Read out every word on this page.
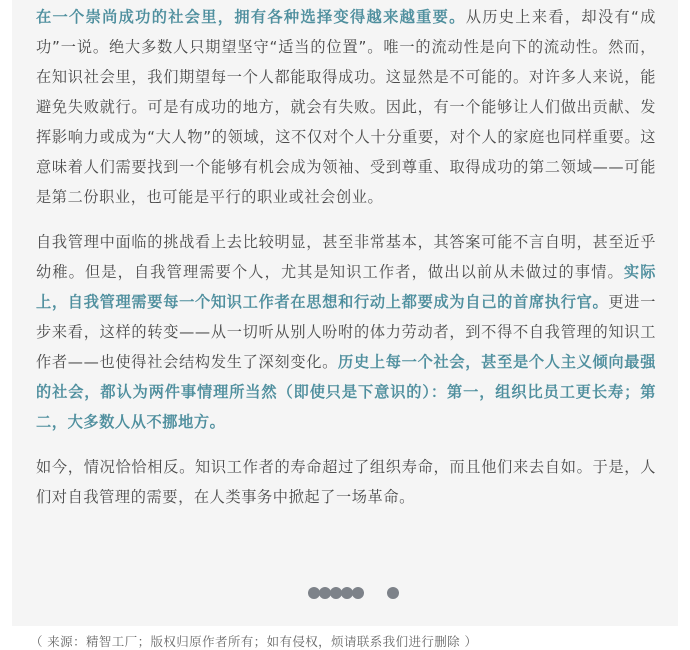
在一个崇尚成功的社会里，拥有各种选择变得越来越重要。从历史上来看，却没有“成功”一说。绝大多数人只期望坚守“适当的位置”。唯一的流动性是向下的流动性。然而，在知识社会里，我们期望每一个人都能取得成功。这显然是不可能的。对许多人来说，能避免失败就行。可是有成功的地方，就会有失败。因此，有一个能够让人们做出贡献、发挥影响力或成为“大人物”的领域，这不仅对个人十分重要，对个人的家庭也同样重要。这意味着人们需要找到一个能够有机会成为领袖、受到尊重、取得成功的第二领域——可能是第二份职业，也可能是平行的职业或社会创业。

自我管理中面临的挑战看上去比较明显，甚至非常基本，其答案可能不言自明，甚至近乎幼稚。但是，自我管理需要个人，尤其是知识工作者，做出以前从未做过的事情。实际上，自我管理需要每一个知识工作者在思想和行动上都要成为自己的首席执行官。更进一步来看，这样的转变——从一切听从别人吩咐的体力劳动者，到不得不自我管理的知识工作者——也使得社会结构发生了深刻变化。历史上每一个社会，甚至是个人主义倾向最强的社会，都认为两件事情理所当然（即使只是下意识的）：第一，组织比员工更长寿；第二，大多数人从不挪地方。

如今，情况恰恰相反。知识工作者的寿命超过了组织寿命，而且他们来去自如。于是，人们对自我管理的需要，在人类事务中掀起了一场革命。

（ 来源：精智工厂；版权归原作者所有；如有侵权，烦请联系我们进行删除 ）
